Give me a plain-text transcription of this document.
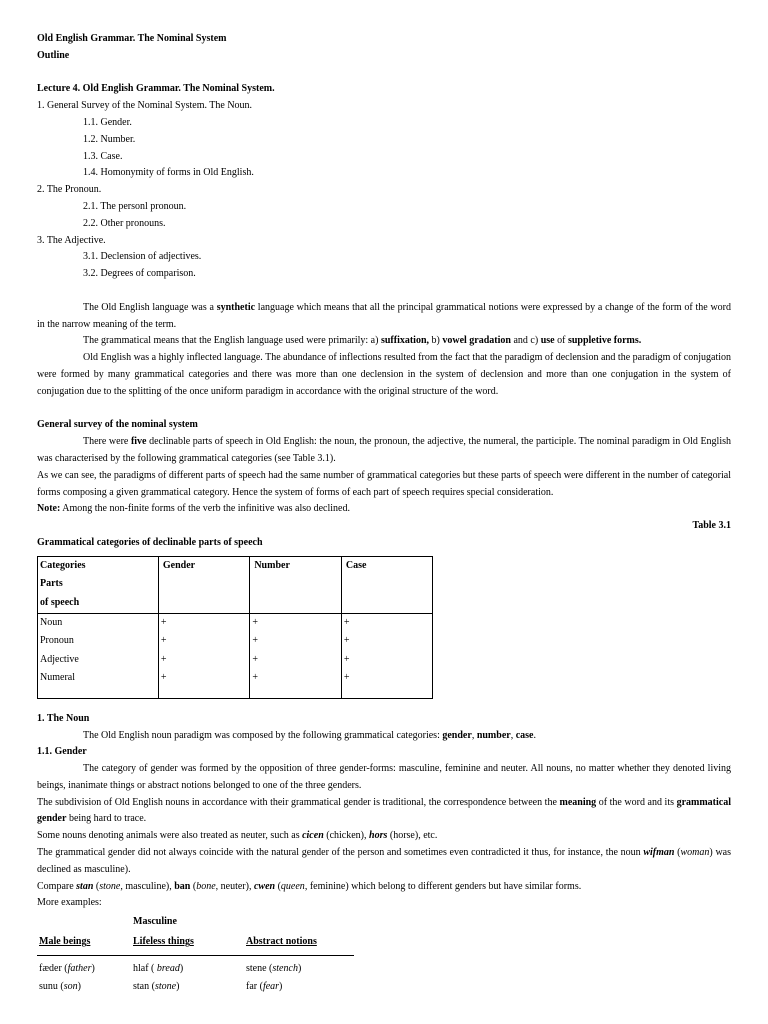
Old English Grammar. The Nominal System
Outline
Lecture 4. Old English Grammar. The Nominal System.
1. General Survey of the Nominal System. The Noun.
1.1. Gender.
1.2. Number.
1.3. Case.
1.4. Homonymity of forms in Old English.
2. The Pronoun.
2.1. The personl pronoun.
2.2. Other pronouns.
3. The Adjective.
3.1. Declension of adjectives.
3.2. Degrees of comparison.
The Old English language was a synthetic language which means that all the principal grammatical notions were expressed by a change of the form of the word in the narrow meaning of the term.
The grammatical means that the English language used were primarily: a) suffixation, b) vowel gradation and c) use of suppletive forms.
Old English was a highly inflected language. The abundance of inflections resulted from the fact that the paradigm of declension and the paradigm of conjugation were formed by many grammatical categories and there was more than one declension in the system of declension and more than one conjugation in the system of conjugation due to the splitting of the once uniform paradigm in accordance with the original structure of the word.
General survey of the nominal system
There were five declinable parts of speech in Old English: the noun, the pronoun, the adjective, the numeral, the participle. The nominal paradigm in Old English was characterised by the following grammatical categories (see Table 3.1).
As we can see, the paradigms of different parts of speech had the same number of grammatical categories but these parts of speech were different in the number of categorial forms composing a given grammatical category. Hence the system of forms of each part of speech requires special consideration.
Note: Among the non-finite forms of the verb the infinitive was also declined.
Table 3.1
Grammatical categories of declinable parts of speech
Categories
Parts
of speech	Gender	Number	Case
Noun	+	+	+
Pronoun	+	+	+
Adjective	+	+	+
Numeral	+	+	+
1. The Noun
The Old English noun paradigm was composed by the following grammatical categories: gender, number, case.
1.1. Gender
The category of gender was formed by the opposition of three gender-forms: masculine, feminine and neuter. All nouns, no matter whether they denoted living beings, inanimate things or abstract notions belonged to one of the three genders.
The subdivision of Old English nouns in accordance with their grammatical gender is traditional, the correspondence between the meaning of the word and its grammatical gender being hard to trace.
Some nouns denoting animals were also treated as neuter, such as cicen (chicken), hors (horse), etc.
The grammatical gender did not always coincide with the natural gender of the person and sometimes even contradicted it thus, for instance, the noun wifman (woman) was declined as masculine).
Compare stan (stone, masculine), ban (bone, neuter), cwen (queen, feminine) which belong to different genders but have similar forms.
More examples:
Masculine
Male beings	Lifeless things	Abstract notions
fæder (father)	hlaf ( bread)	stene (stench)
sunu (son)	stan (stone)	far (fear)
